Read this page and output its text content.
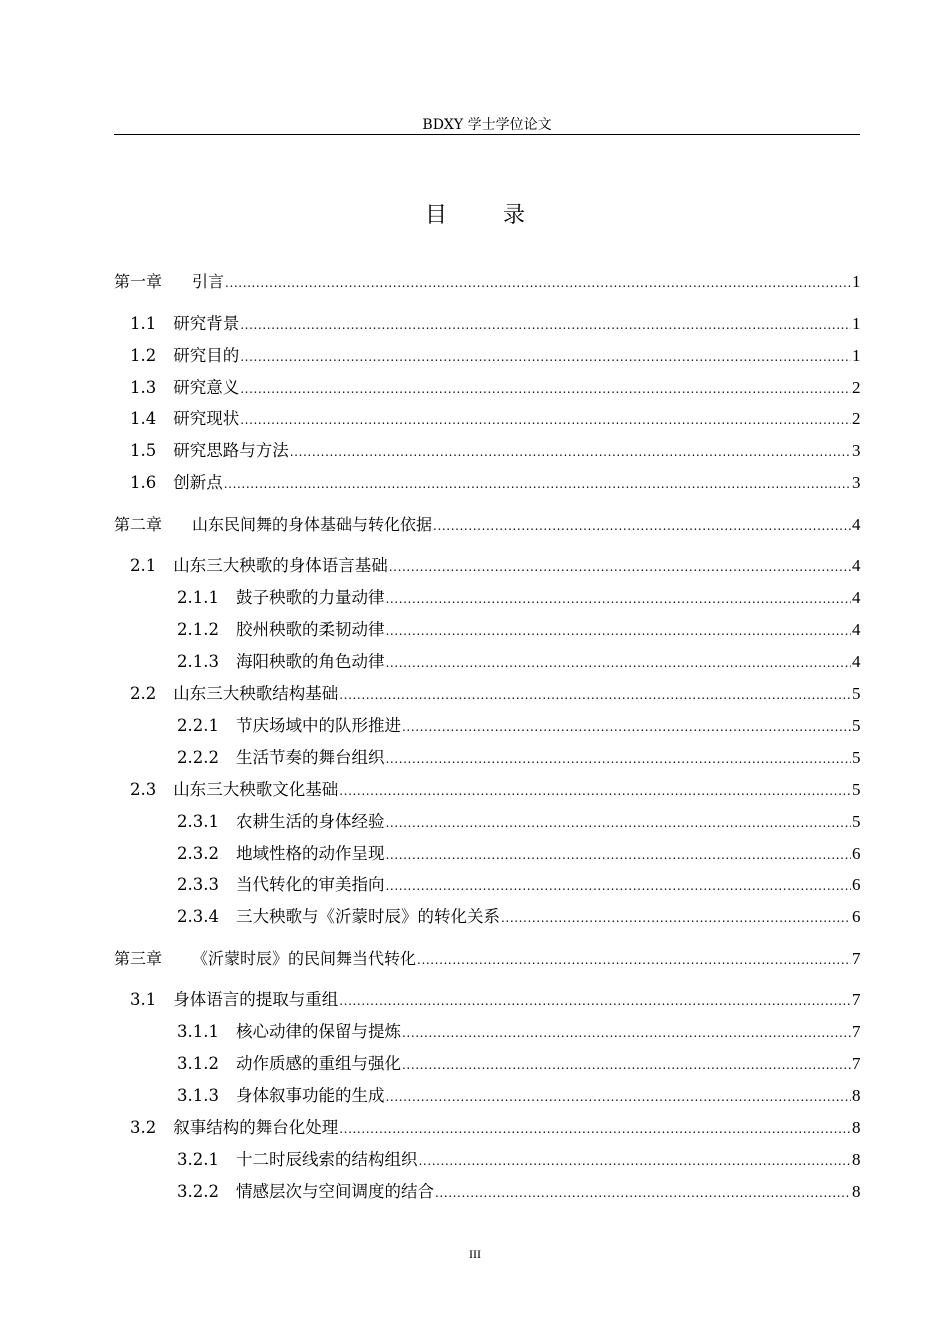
BDXY 学士学位论文
目	录
第一章 引言 .....	1
1.1 研究背景 .....	1
1.2 研究目的 .....	1
1.3 研究意义 .....	2
1.4 研究现状 .....	2
1.5 研究思路与方法 .....	3
1.6 创新点 .....	3
第二章 山东民间舞的身体基础与转化依据 .....	4
2.1 山东三大秧歌的身体语言基础 .....	4
2.1.1 鼓子秧歌的力量动律 .....	4
2.1.2 胶州秧歌的柔韧动律 .....	4
2.1.3 海阳秧歌的角色动律 .....	4
2.2 山东三大秧歌结构基础 .....	5
2.2.1 节庆场域中的队形推进 .....	5
2.2.2 生活节奏的舞台组织 .....	5
2.3 山东三大秧歌文化基础 .....	5
2.3.1 农耕生活的身体经验 .....	5
2.3.2 地域性格的动作呈现 .....	6
2.3.3 当代转化的审美指向 .....	6
2.3.4 三大秧歌与《沂蒙时辰》的转化关系 .....	6
第三章 《沂蒙时辰》的民间舞当代转化 .....	7
3.1 身体语言的提取与重组 .....	7
3.1.1 核心动律的保留与提炼 .....	7
3.1.2 动作质感的重组与强化 .....	7
3.1.3 身体叙事功能的生成 .....	8
3.2 叙事结构的舞台化处理 .....	8
3.2.1 十二时辰线索的结构组织 .....	8
3.2.2 情感层次与空间调度的结合 .....	8
III
